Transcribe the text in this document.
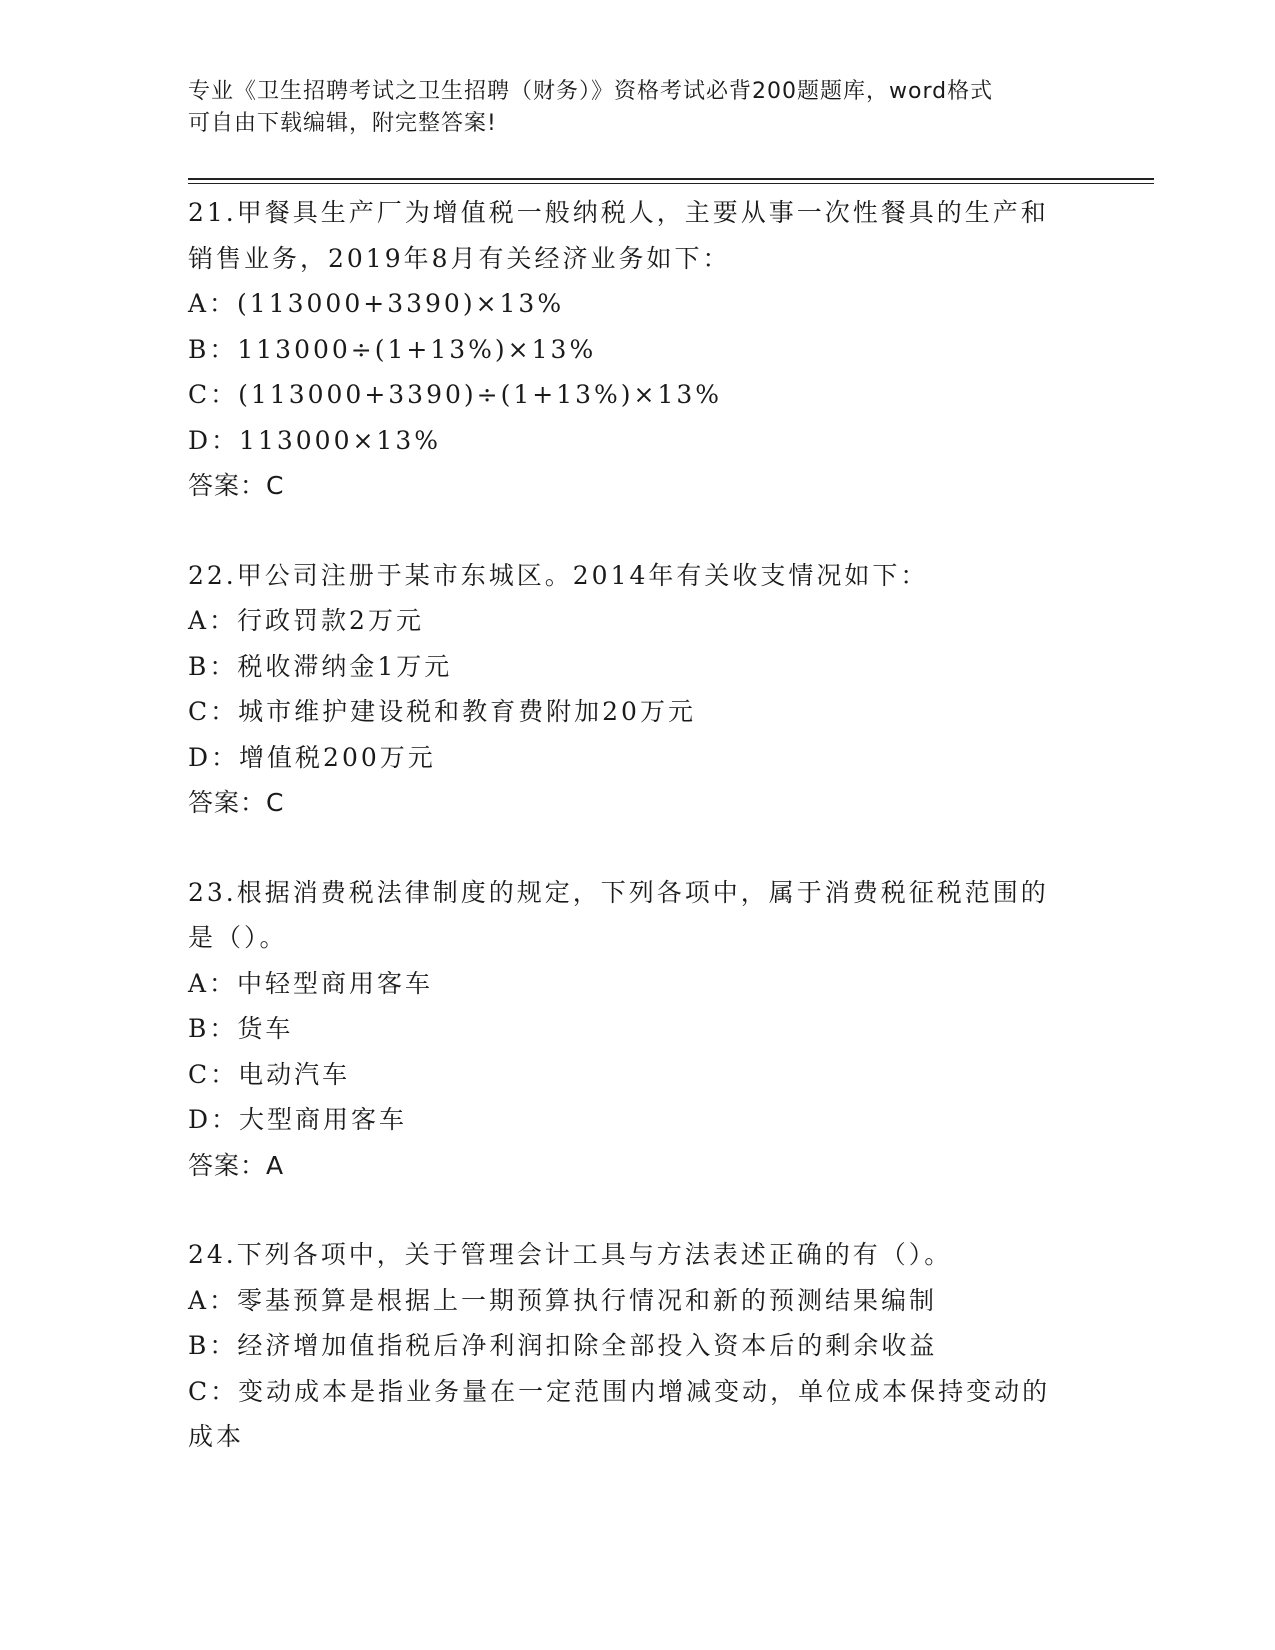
专业《卫生招聘考试之卫生招聘（财务）》资格考试必背200题题库，word格式
可自由下载编辑，附完整答案!
21.甲餐具生产厂为增值税一般纳税人，主要从事一次性餐具的生产和
销售业务，2019年8月有关经济业务如下：
A：(113000+3390)×13%
B：113000÷(1+13%)×13%
C：(113000+3390)÷(1+13%)×13%
D：113000×13%
答案：C
22.甲公司注册于某市东城区。2014年有关收支情况如下：
A：行政罚款2万元
B：税收滞纳金1万元
C：城市维护建设税和教育费附加20万元
D：增值税200万元
答案：C
23.根据消费税法律制度的规定，下列各项中，属于消费税征税范围的
是（）。
A：中轻型商用客车
B：货车
C：电动汽车
D：大型商用客车
答案：A
24.下列各项中，关于管理会计工具与方法表述正确的有（）。
A：零基预算是根据上一期预算执行情况和新的预测结果编制
B：经济增加值指税后净利润扣除全部投入资本后的剩余收益
C：变动成本是指业务量在一定范围内增减变动，单位成本保持变动的
成本
